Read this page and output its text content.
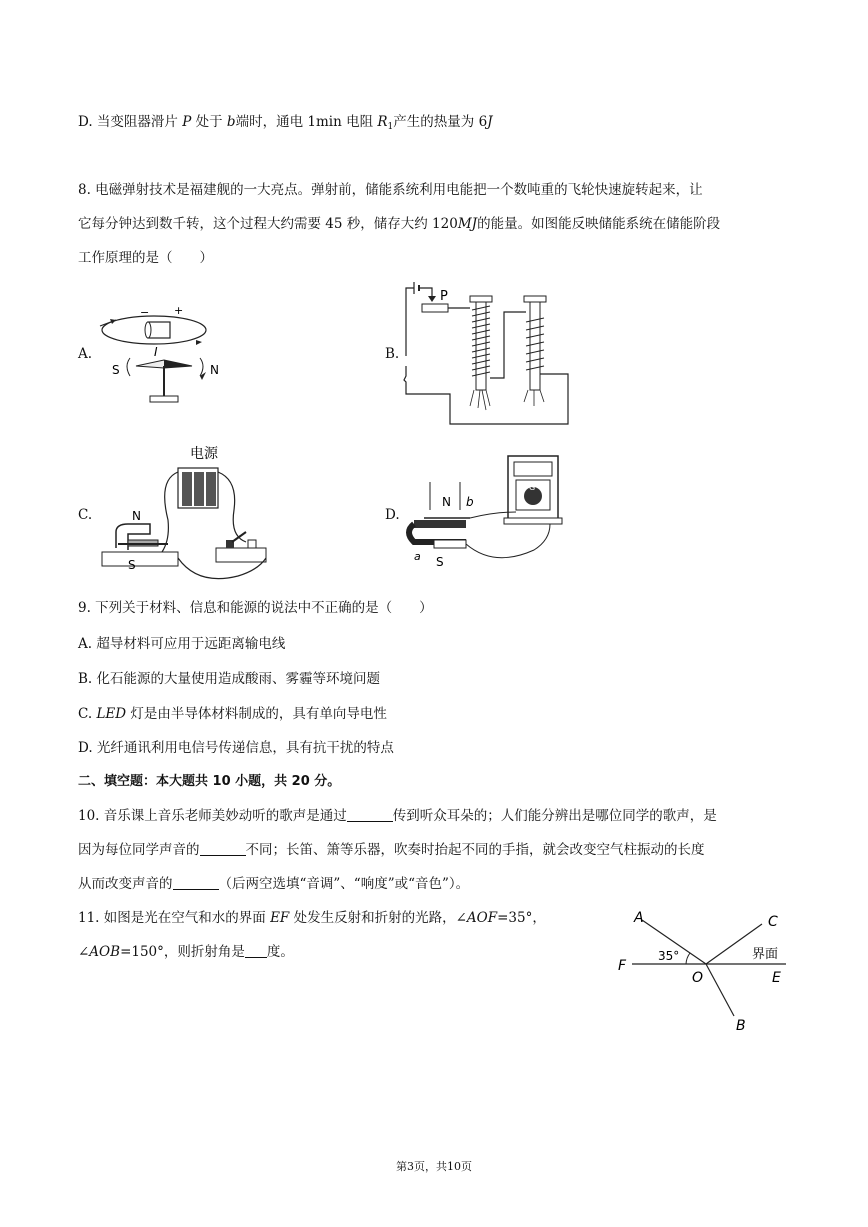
D. 当变阻器滑片 P 处于 b端时，通电 1min 电阻 $R_1$产生的热量为 6J
8. 电磁弹射技术是福建舰的一大亮点。弹射前，储能系统利用电能把一个数吨重的飞轮快速旋转起来，让
它每分钟达到数千转，这个过程大约需要 45 秒，储存大约 120MJ的能量。如图能反映储能系统在储能阶段
工作原理的是（　　）
A.	B.
C.	D.
− +
I
S	N
P
电源
N
S
N b
a S
G
9. 下列关于材料、信息和能源的说法中不正确的是（　　）
A. 超导材料可应用于远距离输电线
B. 化石能源的大量使用造成酸雨、雾霾等环境问题
C. LED 灯是由半导体材料制成的，具有单向导电性
D. 光纤通讯利用电信号传递信息，具有抗干扰的特点
二、填空题：本大题共 10 小题，共 20 分。
10. 音乐课上音乐老师美妙动听的歌声是通过	传到听众耳朵的；人们能分辨出是哪位同学的歌声，是
因为每位同学声音的	不同；长笛、箫等乐器，吹奏时抬起不同的手指，就会改变空气柱振动的长度
从而改变声音的	（后两空选填“音调”、“响度”或“音色”）。
11. 如图是光在空气和水的界面 EF 处发生反射和折射的光路，∠AOF=35°，
∠AOB=150°，则折射角是 度。
A	C
界面
F
35°
O	E
B
第3页，共10页
